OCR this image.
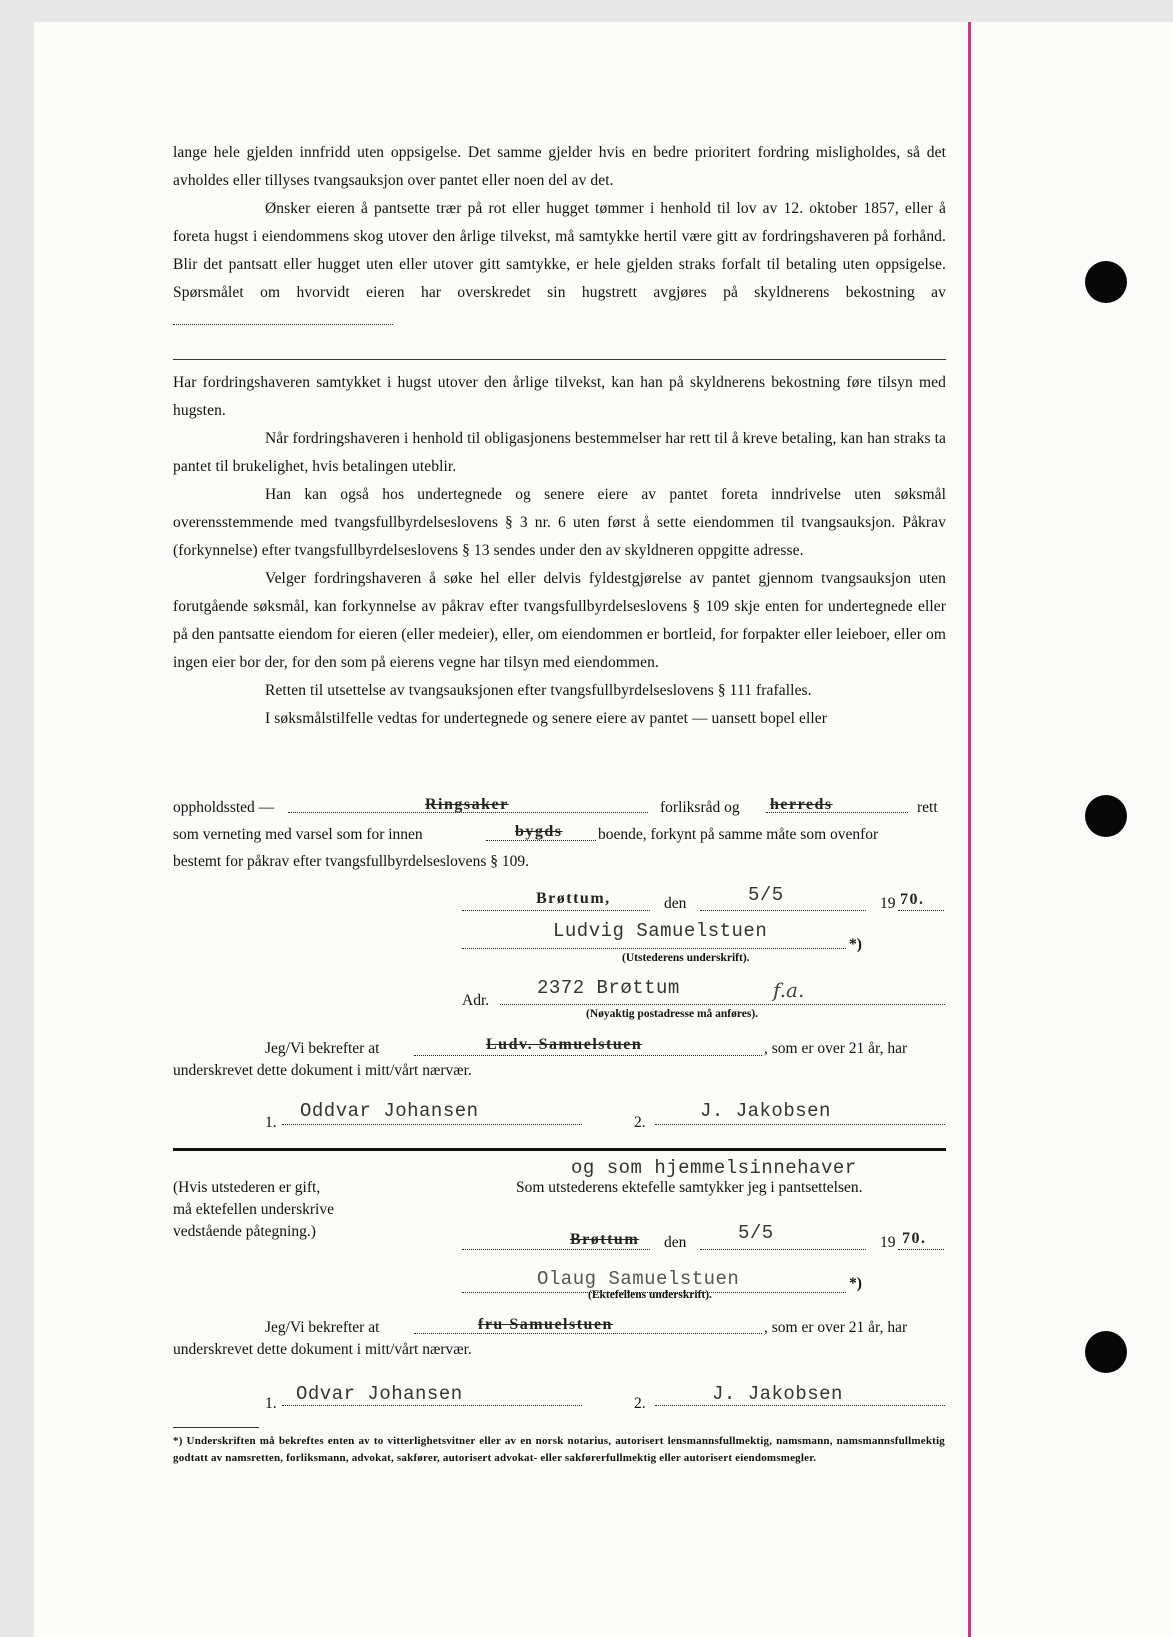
lange hele gjelden innfridd uten oppsigelse. Det samme gjelder hvis en bedre prioritert fordring misligholdes, så det avholdes eller tillyses tvangsauksjon over pantet eller noen del av det.

Ønsker eieren å pantsette trær på rot eller hugget tømmer i henhold til lov av 12. oktober 1857, eller å foreta hugst i eiendommens skog utover den årlige tilvekst, må samtykke hertil være gitt av fordringshaveren på forhånd. Blir det pantsatt eller hugget uten eller utover gitt samtykke, er hele gjelden straks forfalt til betaling uten oppsigelse. Spørsmålet om hvorvidt eieren har overskredet sin hugstrett avgjøres på skyldnerens bekostning av

Har fordringshaveren samtykket i hugst utover den årlige tilvekst, kan han på skyldnerens bekostning føre tilsyn med hugsten.

Når fordringshaveren i henhold til obligasjonens bestemmelser har rett til å kreve betaling, kan han straks ta pantet til brukelighet, hvis betalingen uteblir.

Han kan også hos undertegnede og senere eiere av pantet foreta inndrivelse uten søksmål overensstemmende med tvangsfullbyrdelseslovens § 3 nr. 6 uten først å sette eiendommen til tvangsauksjon. Påkrav (forkynnelse) efter tvangsfullbyrdelseslovens § 13 sendes under den av skyldneren oppgitte adresse.

Velger fordringshaveren å søke hel eller delvis fyldestgjørelse av pantet gjennom tvangsauksjon uten forutgående søksmål, kan forkynnelse av påkrav efter tvangsfullbyrdelseslovens § 109 skje enten for undertegnede eller på den pantsatte eiendom for eieren (eller medeier), eller, om eiendommen er bortleid, for forpakter eller leieboer, eller om ingen eier bor der, for den som på eierens vegne har tilsyn med eiendommen.

Retten til utsettelse av tvangsauksjonen efter tvangsfullbyrdelseslovens § 111 frafalles.

I søksmålstilfelle vedtas for undertegnede og senere eiere av pantet — uansett bopel eller

oppholdssted —	Ringsaker	forliksråd og herreds	rett
som verneting med varsel som for innen	bygds boende, forkynt på samme måte som ovenfor
bestemt for påkrav efter tvangsfullbyrdelseslovens § 109.
Brøttum,	den	5/5	19 70.
Ludvig Samuelstuen
*)
(Utstederens underskrift).
Adr.
2372 Brøttum	f.a.
(Nøyaktig postadresse må anføres).
Jeg/Vi bekrefter at	Ludv. Samuelstuen	, som er over 21 år, har
underskrevet dette dokument i mitt/vårt nærvær.
1.
Oddvar Johansen
2.
J. Jakobsen
(Hvis utstederen er gift,
må ektefellen underskrive
vedstående påtegning.)
og som hjemmelsinnehaver
Som utstederens ektefelle samtykker jeg i pantsettelsen.
Brøttum den	5/5	19 70.
Olaug Samuelstuen	*)
(Ektefellens underskrift).
Jeg/Vi bekrefter at	fru Samuelstuen	, som er over 21 år, har
underskrevet dette dokument i mitt/vårt nærvær.
1. Odvar Johansen	2.	J. Jakobsen
*) Underskriften må bekreftes enten av to vitterlighetsvitner eller av en norsk notarius, autorisert lensmannsfullmektig, namsmann, namsmannsfullmektig godtatt av namsretten, forliksmann, advokat, sakfører, autorisert advokat- eller sakførerfullmektig eller autorisert eiendomsmegler.
